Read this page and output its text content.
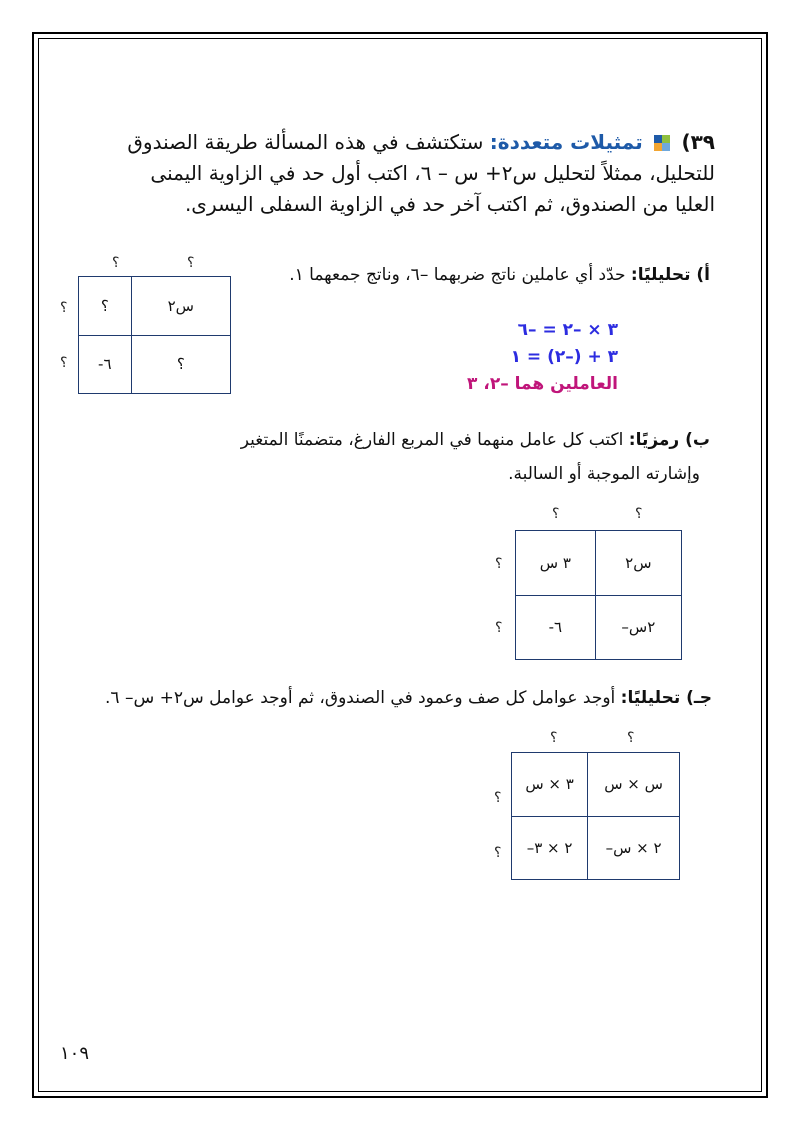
٣٩)  تمثيلات متعددة: ستكتشف في هذه المسألة طريقة الصندوق
للتحليل، ممثلاً لتحليل س٢+ س – ٦، اكتب أول حد في الزاوية اليمنى
العليا من الصندوق، ثم اكتب آخر حد في الزاوية السفلى اليسرى.
أ) تحليليًا: حدّد أي عاملين ناتج ضربهما –٦، وناتج جمعهما ١.
؟	؟
؟
؟
؟	س٢
-٦	؟
٣ × –٢ = –٦
٣ + (–٢) = ١
العاملين هما –٢، ٣
ب) رمزيًا: اكتب كل عامل منهما في المربع الفارغ، متضمنًا المتغير
وإشارته الموجبة أو السالبة.
؟	؟
؟
؟
٣ س	س٢
-٦	–٢س
جـ) تحليليًا: أوجد عوامل كل صف وعمود في الصندوق، ثم أوجد عوامل س٢+ س– ٦.
؟	؟
؟
؟
٣ × س	س × س
–٢ × ٣	–٢ × س
١٠٩
